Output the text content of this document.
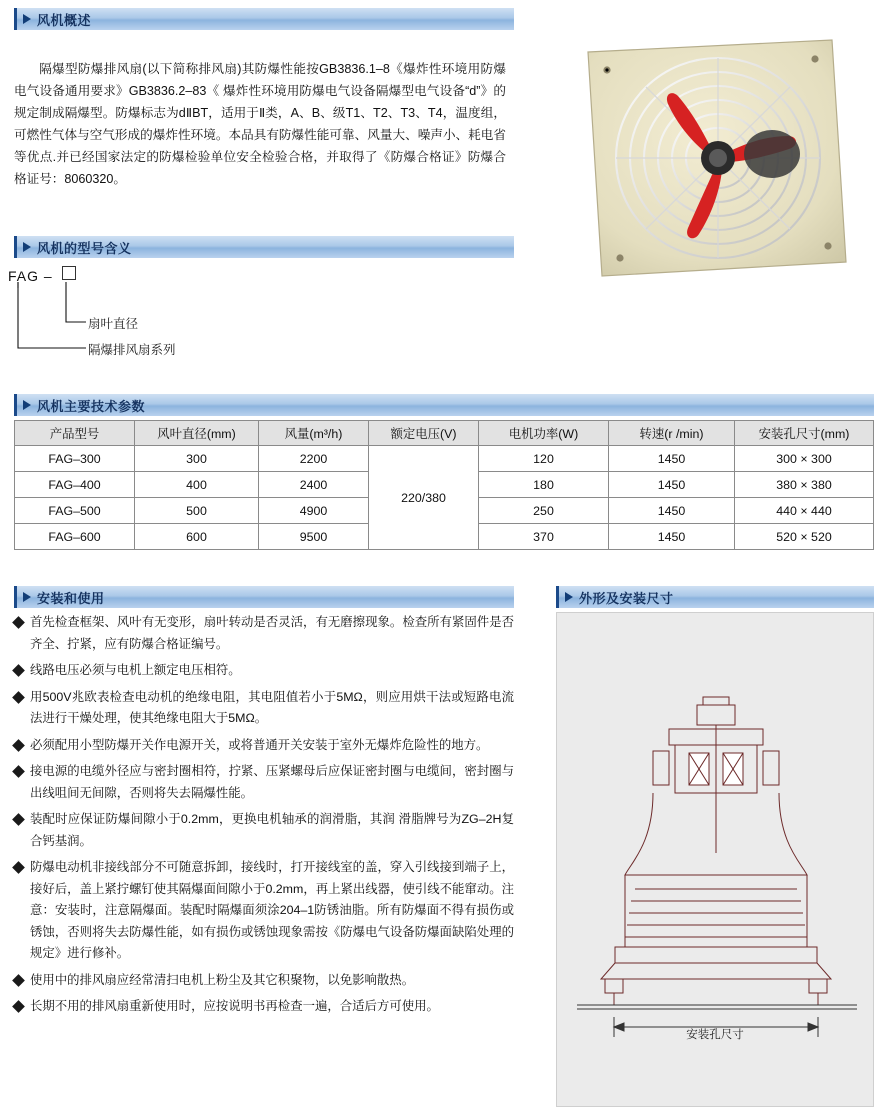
风机概述

隔爆型防爆排风扇(以下简称排风扇)其防爆性能按GB3836.1–8《爆炸性环境用防爆电气设备通用要求》GB3836.2–83《 爆炸性环境用防爆电气设备隔爆型电气设备“d”》的规定制成隔爆型。防爆标志为dⅡBT，适用于Ⅱ类，A、B、级T1、T2、T3、T4，温度组，可燃性气体与空气形成的爆炸性环境。本品具有防爆性能可靠、风量大、噪声小、耗电省等优点.并已经国家法定的防爆检验单位安全检验合格，并取得了《防爆合格证》防爆合格证号：8060320。

风机的型号含义
FAG –
扇叶直径
隔爆排风扇系列
风机主要技术参数
产品型号	风叶直径(mm)	风量(m³/h)	额定电压(V)	电机功率(W)	转速(r /min)	安装孔尺寸(mm)
FAG–300	300	2200	220/380	120	1450	300 × 300
FAG–400	400	2400		180	1450	380 × 380
FAG–500	500	4900		250	1450	440 × 440
FAG–600	600	9500		370	1450	520 × 520
安装和使用	外形及安装尺寸
首先检查框架、风叶有无变形，扇叶转动是否灵活，有无磨擦现象。检查所有紧固件是否齐全、拧紧，应有防爆合格证编号。
线路电压必须与电机上额定电压相符。
用500V兆欧表检查电动机的绝缘电阻，其电阻值若小于5MΩ，则应用烘干法或短路电流法进行干燥处理，使其绝缘电阻大于5MΩ。
必须配用小型防爆开关作电源开关，或将普通开关安装于室外无爆炸危险性的地方。
接电源的电缆外径应与密封圈相符，拧紧、压紧螺母后应保证密封圈与电缆间，密封圈与出线咀间无间隙，否则将失去隔爆性能。
装配时应保证防爆间隙小于0.2mm，更换电机轴承的润滑脂，其润 滑脂牌号为ZG–2H复合钙基润。
防爆电动机非接线部分不可随意拆卸，接线时，打开接线室的盖，穿入引线接到端子上，接好后，盖上紧拧螺钉使其隔爆面间隙小于0.2mm，再上紧出线器，使引线不能窜动。注意：安装时，注意隔爆面。装配时隔爆面须涂204–1防锈油脂。所有防爆面不得有损伤或锈蚀，否则将失去防爆性能，如有损伤或锈蚀现象需按《防爆电气设备防爆面缺陷处理的规定》进行修补。
使用中的排风扇应经常清扫电机上粉尘及其它积聚物，以免影响散热。
长期不用的排风扇重新使用时，应按说明书再检查一遍，合适后方可使用。
安装孔尺寸
